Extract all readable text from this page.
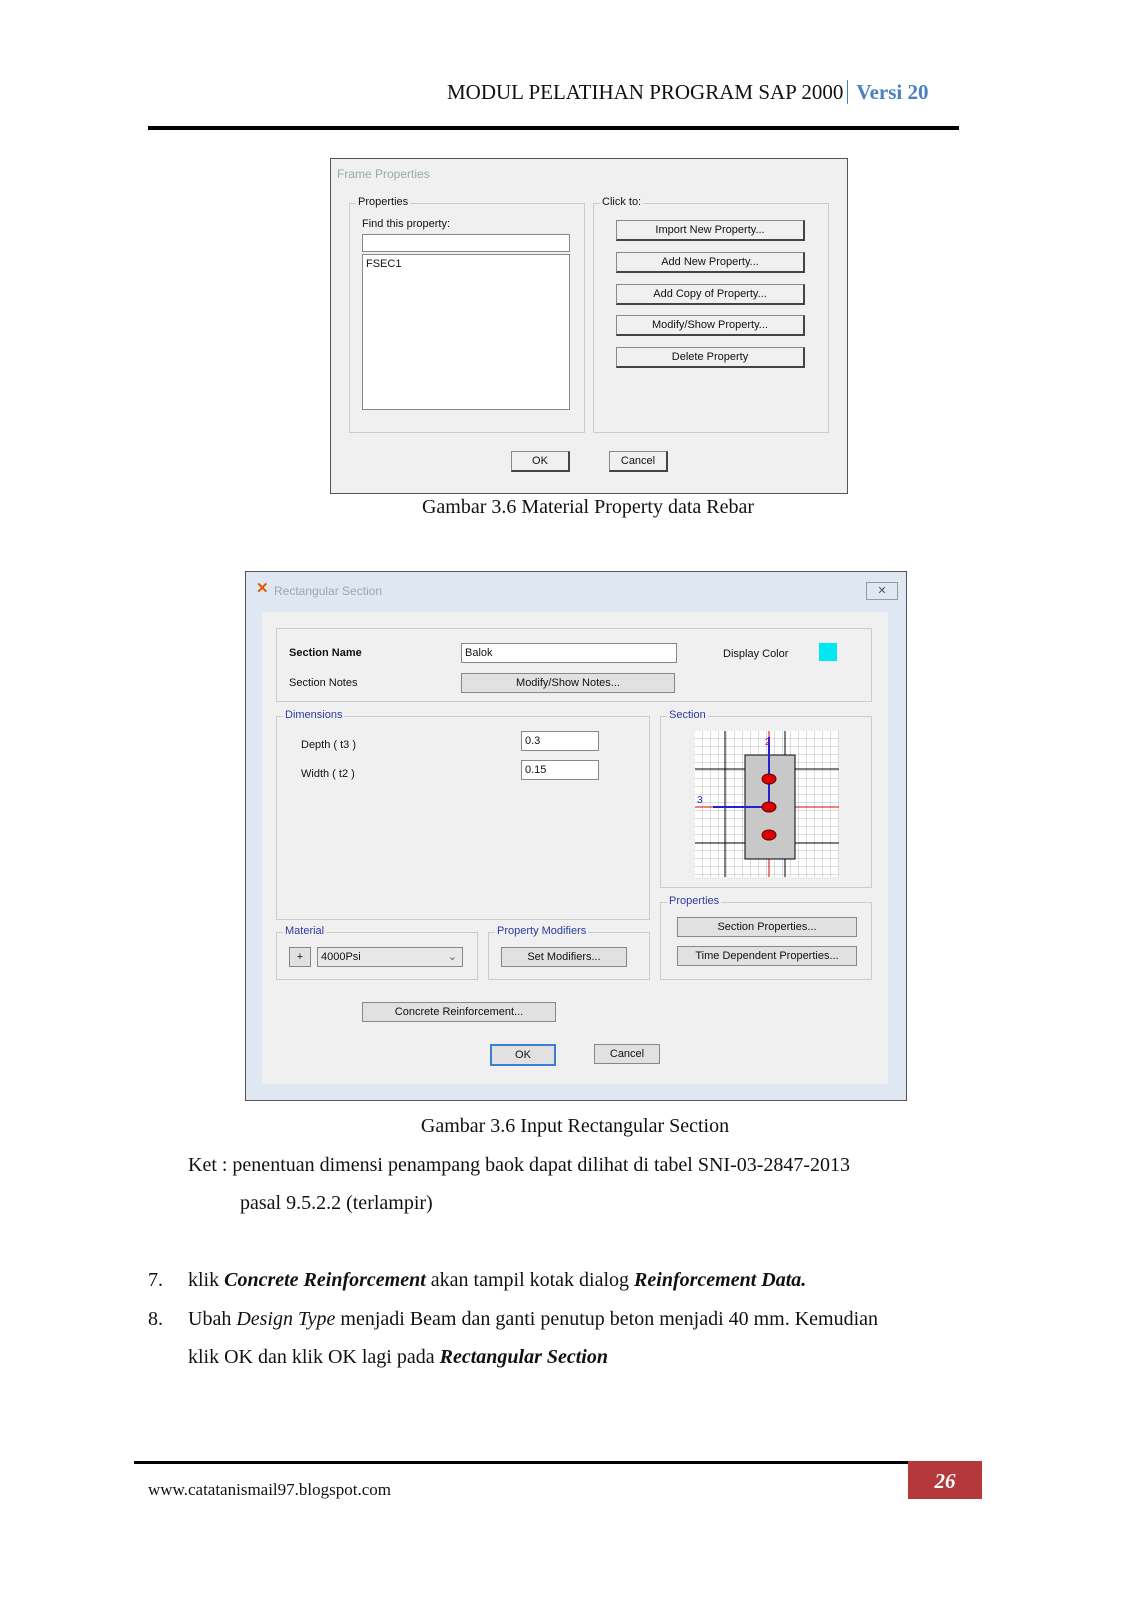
MODUL PELATIHAN PROGRAM SAP 2000 Versi 20
Frame Properties
Properties
Find this property:
FSEC1
Click to:
Import New Property...
Add New Property...
Add Copy of Property...
Modify/Show Property...
Delete Property
OK	Cancel
Gambar 3.6 Material Property data Rebar
✕ Rectangular Section	✕
Section Name	Balok	Display Color
Section Notes	Modify/Show Notes...
Dimensions
Depth ( t3 )	0.3
Width ( t2 )	0.15
Section
2
3
Properties
Section Properties...
Time Dependent Properties...
Material
+	4000Psi	⌄
Property Modifiers
Set Modifiers...
Concrete Reinforcement...
OK	Cancel
Gambar 3.6 Input Rectangular Section
Ket : penentuan dimensi penampang baok dapat dilihat di tabel SNI-03-2847-2013
pasal 9.5.2.2 (terlampir)
7. klik Concrete Reinforcement akan tampil kotak dialog Reinforcement Data.
8. Ubah Design Type menjadi Beam dan ganti penutup beton menjadi 40 mm. Kemudian
klik OK dan klik OK lagi pada Rectangular Section
www.catatanismail97.blogspot.com	26
